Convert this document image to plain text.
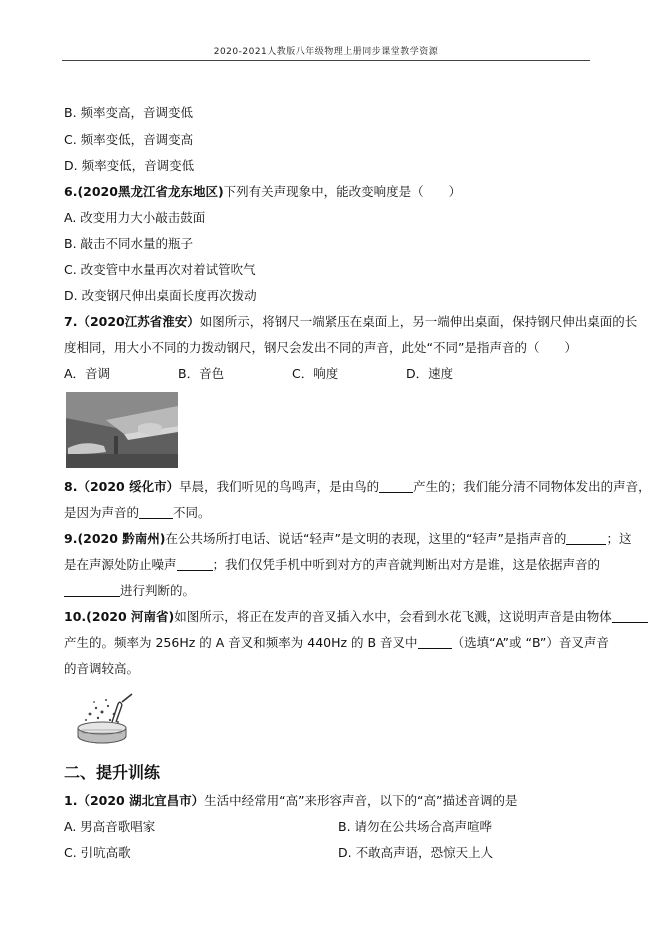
2020-2021人教版八年级物理上册同步课堂教学资源
B. 频率变高，音调变低
C. 频率变低，音调变高
D. 频率变低，音调变低
6.(2020黑龙江省龙东地区)下列有关声现象中，能改变响度是（　　）
A. 改变用力大小敲击鼓面
B. 敲击不同水量的瓶子
C. 改变管中水量再次对着试管吹气
D. 改变钢尺伸出桌面长度再次拨动
7.（2020江苏省淮安）如图所示，将钢尺一端紧压在桌面上，另一端伸出桌面，保持钢尺伸出桌面的长
度相同，用大小不同的力拨动钢尺，钢尺会发出不同的声音，此处“不同”是指声音的（　　）
A．音调	B．音色	C．响度	D．速度
8.（2020 绥化市）早晨，我们听见的鸟鸣声，是由鸟的	产生的；我们能分清不同物体发出的声音，
是因为声音的	不同。
9.(2020 黔南州)在公共场所打电话、说话“轻声”是文明的表现，这里的“轻声”是指声音的	；这
是在声源处防止噪声	；我们仅凭手机中听到对方的声音就判断出对方是谁，这是依据声音的
进行判断的。
10.(2020 河南省)如图所示，将正在发声的音叉插入水中，会看到水花飞溅，这说明声音是由物体
产生的。频率为 256Hz 的 A 音叉和频率为 440Hz 的 B 音叉中	（选填“A”或 “B”）音叉声音
的音调较高。
二、提升训练
1.（2020 湖北宜昌市）生活中经常用“高”来形容声音，以下的“高”描述音调的是
A. 男高音歌唱家	B. 请勿在公共场合高声喧哗
C. 引吭高歌	D. 不敢高声语，恐惊天上人
